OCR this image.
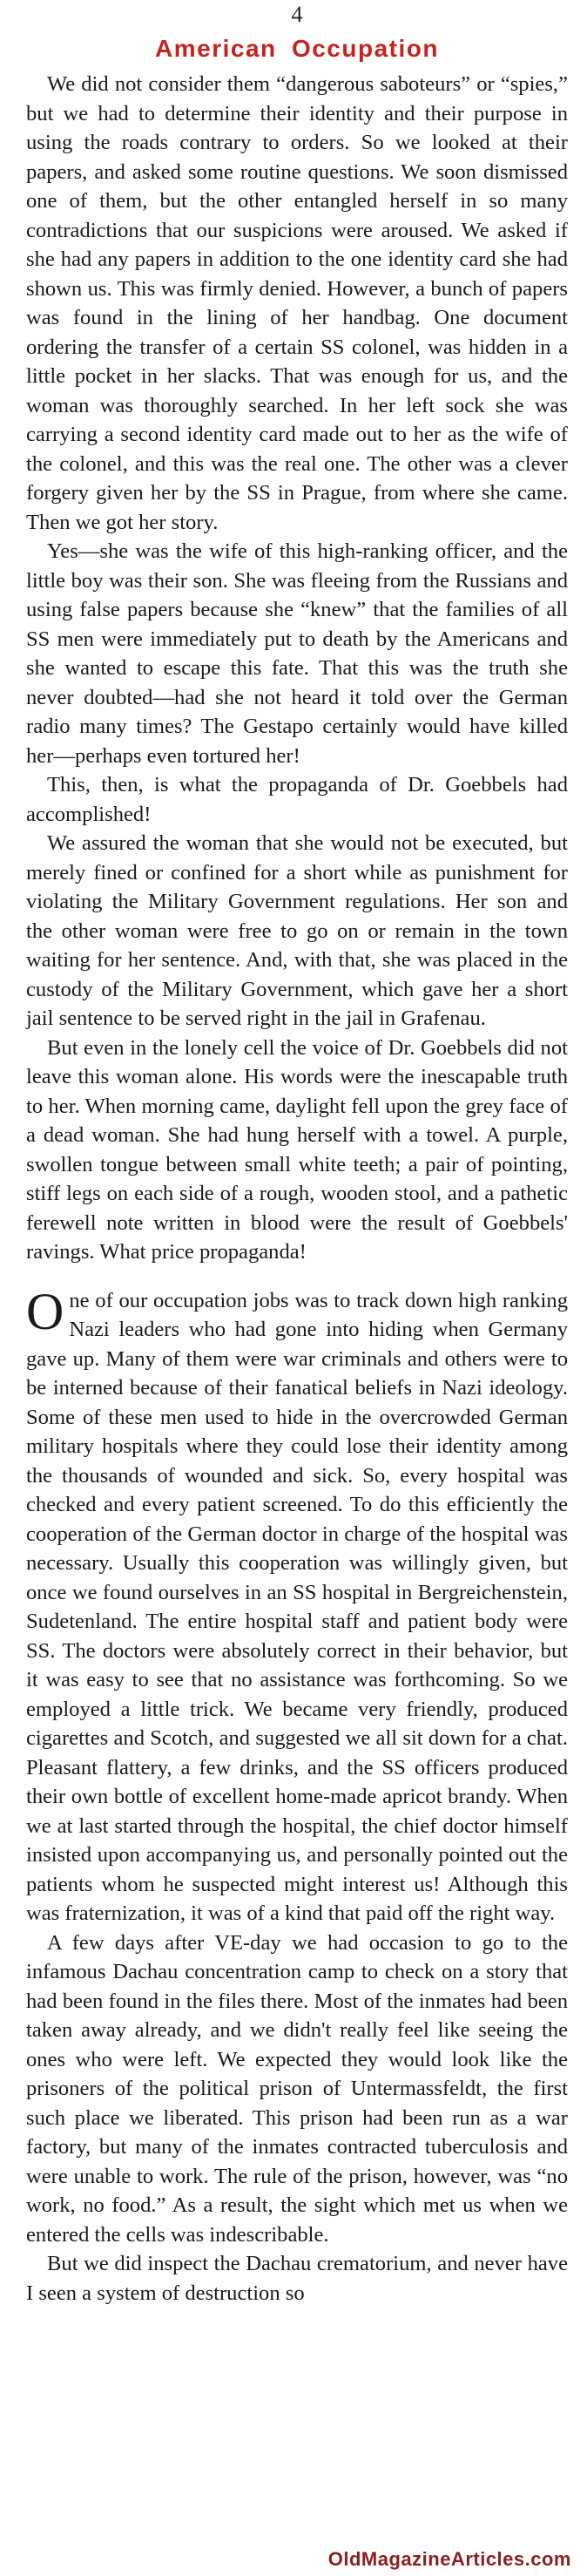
4
American Occupation

We did not consider them “dangerous saboteurs” or “spies,” but we had to determine their identity and their purpose in using the roads contrary to orders. So we looked at their papers, and asked some routine questions. We soon dismissed one of them, but the other entangled herself in so many contradictions that our suspicions were aroused. We asked if she had any papers in addition to the one identity card she had shown us. This was firmly denied. However, a bunch of papers was found in the lining of her handbag. One document ordering the transfer of a certain SS colonel, was hidden in a little pocket in her slacks. That was enough for us, and the woman was thoroughly searched. In her left sock she was carrying a second identity card made out to her as the wife of the colonel, and this was the real one. The other was a clever forgery given her by the SS in Prague, from where she came. Then we got her story.

Yes—she was the wife of this high-ranking officer, and the little boy was their son. She was fleeing from the Russians and using false papers because she “knew” that the families of all SS men were immediately put to death by the Americans and she wanted to escape this fate. That this was the truth she never doubted—had she not heard it told over the German radio many times? The Gestapo certainly would have killed her—perhaps even tortured her!

This, then, is what the propaganda of Dr. Goebbels had accomplished!

We assured the woman that she would not be executed, but merely fined or confined for a short while as punishment for violating the Military Government regulations. Her son and the other woman were free to go on or remain in the town waiting for her sentence. And, with that, she was placed in the custody of the Military Government, which gave her a short jail sentence to be served right in the jail in Grafenau.

But even in the lonely cell the voice of Dr. Goebbels did not leave this woman alone. His words were the inescapable truth to her. When morning came, daylight fell upon the grey face of a dead woman. She had hung herself with a towel. A purple, swollen tongue between small white teeth; a pair of pointing, stiff legs on each side of a rough, wooden stool, and a pathetic ferewell note written in blood were the result of Goebbels' ravings. What price propaganda!

One of our occupation jobs was to track down high ranking Nazi leaders who had gone into hiding when Germany gave up. Many of them were war criminals and others were to be interned because of their fanatical beliefs in Nazi ideology. Some of these men used to hide in the overcrowded German military hospitals where they could lose their identity among the thousands of wounded and sick. So, every hospital was checked and every patient screened. To do this efficiently the cooperation of the German doctor in charge of the hospital was necessary. Usually this cooperation was willingly given, but once we found ourselves in an SS hospital in Bergreichenstein, Sudetenland. The entire hospital staff and patient body were SS. The doctors were absolutely correct in their behavior, but it was easy to see that no assistance was forthcoming. So we employed a little trick. We became very friendly, produced cigarettes and Scotch, and suggested we all sit down for a chat. Pleasant flattery, a few drinks, and the SS officers produced their own bottle of excellent home-made apricot brandy. When we at last started through the hospital, the chief doctor himself insisted upon accompanying us, and personally pointed out the patients whom he suspected might interest us! Although this was fraternization, it was of a kind that paid off the right way.

A few days after VE-day we had occasion to go to the infamous Dachau concentration camp to check on a story that had been found in the files there. Most of the inmates had been taken away already, and we didn't really feel like seeing the ones who were left. We expected they would look like the prisoners of the political prison of Untermassfeldt, the first such place we liberated. This prison had been run as a war factory, but many of the inmates contracted tuberculosis and were unable to work. The rule of the prison, however, was “no work, no food.” As a result, the sight which met us when we entered the cells was indescribable.

But we did inspect the Dachau crematorium, and never have I seen a system of destruction so

OldMagazineArticles.com
